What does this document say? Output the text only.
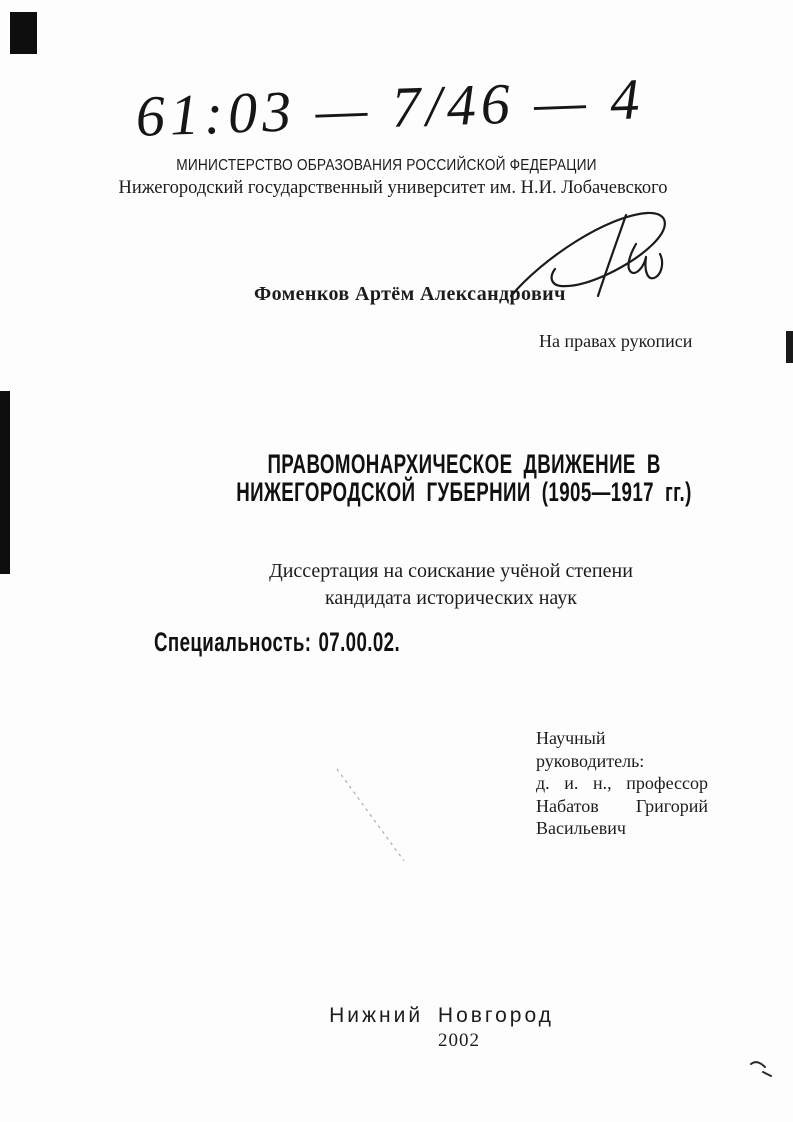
61:03 — 7/46 — 4
МИНИСТЕРСТВО ОБРАЗОВАНИЯ РОССИЙСКОЙ ФЕДЕРАЦИИ
Нижегородский государственный университет им. Н.И. Лобачевского
Фоменков Артём Александрович
На правах рукописи
ПРАВОМОНАРХИЧЕСКОЕ ДВИЖЕНИЕ В
НИЖЕГОРОДСКОЙ ГУБЕРНИИ (1905—1917 гг.)
Диссертация на соискание учёной степени
кандидата исторических наук
Специальность: 07.00.02.
Научный
руководитель:
д. и. н., профессор
Набатов Григорий
Васильевич
Нижний Новгород
2002
